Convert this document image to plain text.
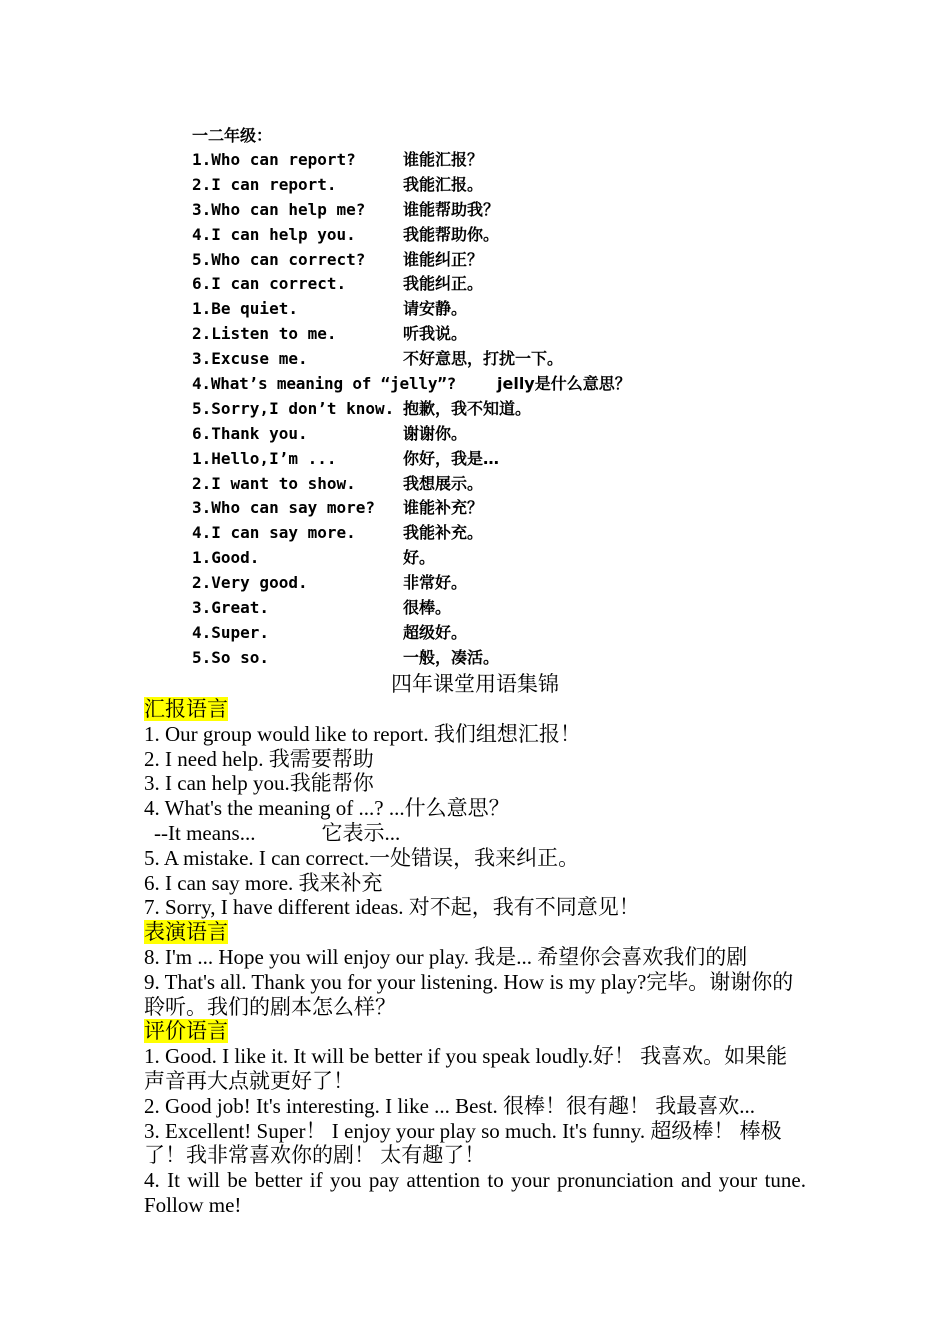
一二年级：
1.Who can report?	谁能汇报？
2.I can report.	我能汇报。
3.Who can help me? 谁能帮助我？
4.I can help you.	我能帮助你。
5.Who can correct? 谁能纠正？
6.I can correct.	我能纠正。
1.Be quiet.	请安静。
2.Listen to me.	听我说。
3.Excuse me.	不好意思，打扰一下。
4.What’s meaning of “jelly”?	jelly是什么意思？
5.Sorry,I don’t know. 抱歉，我不知道。
6.Thank you.	谢谢你。
1.Hello,I’m ...	你好，我是…
2.I want to show.	我想展示。
3.Who can say more? 谁能补充？
4.I can say more.	我能补充。
1.Good.	好。
2.Very good.	非常好。
3.Great.	很棒。
4.Super.	超级好。
5.So so.	一般，凑活。
四年课堂用语集锦
汇报语言
1. Our group would like to report. 我们组想汇报！
2. I need help. 我需要帮助
3. I can help you.我能帮你
4. What's the meaning of ...? ...什么意思？
--It means...	它表示...
5. A mistake. I can correct.一处错误，我来纠正。
6. I can say more. 我来补充
7. Sorry, I have different ideas. 对不起，我有不同意见！
表演语言
8. I'm ... Hope you will enjoy our play. 我是... 希望你会喜欢我们的剧
9. That's all. Thank you for your listening. How is my play?完毕。谢谢你的聆听。我们的剧本怎么样？
评价语言
1. Good. I like it. It will be better if you speak loudly.好！ 我喜欢。如果能声音再大点就更好了！
2. Good job! It's interesting. I like ... Best. 很棒！很有趣！ 我最喜欢...
3. Excellent! Super！ I enjoy your play so much. It's funny. 超级棒！ 棒极了！我非常喜欢你的剧！ 太有趣了！
4. It will be better if you pay attention to your pronunciation and your tune. Follow me!
